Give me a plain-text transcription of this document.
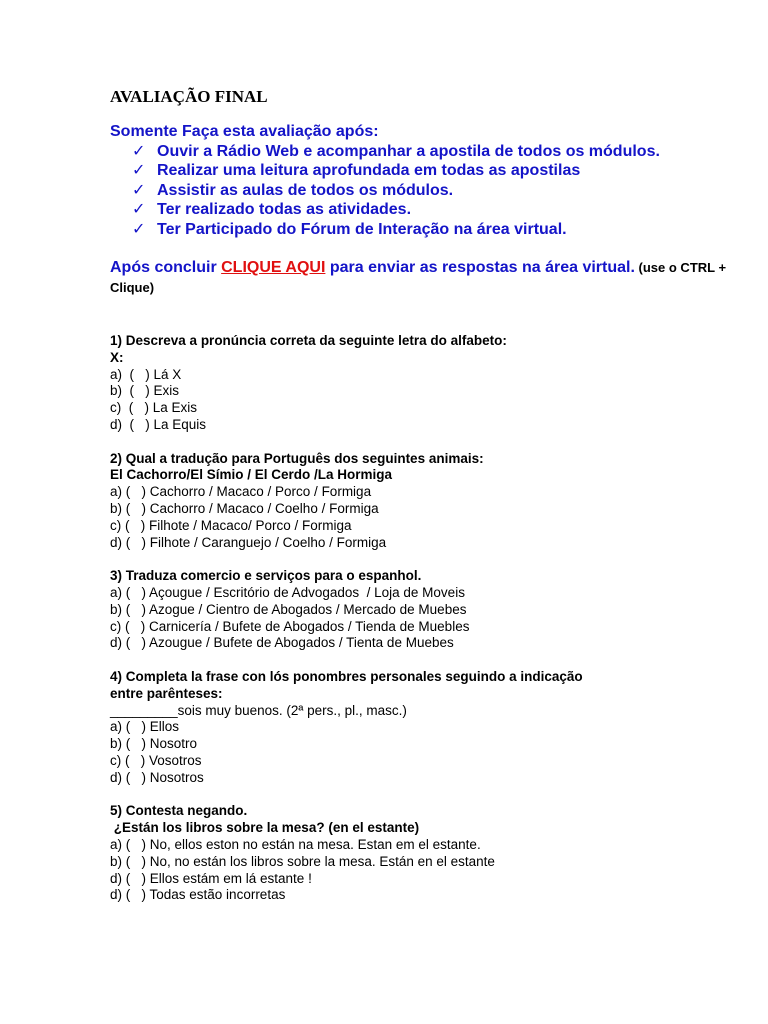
AVALIAÇÃO FINAL
Somente Faça esta avaliação após:
✓ Ouvir a Rádio Web e acompanhar a apostila de todos os módulos.
✓ Realizar uma leitura aprofundada em todas as apostilas
✓ Assistir as aulas de todos os módulos.
✓ Ter realizado todas as atividades.
✓ Ter Participado do Fórum de Interação na área virtual.
Após concluir CLIQUE AQUI para enviar as respostas na área virtual. (use o CTRL + Clique)
1) Descreva a pronúncia correta da seguinte letra do alfabeto:
X:
a)  (   ) Lá X
b)  (   ) Exis
c)  (   ) La Exis
d)  (   ) La Equis
2) Qual a tradução para Português dos seguintes animais:
El Cachorro/El Símio / El Cerdo /La Hormiga
a) (   ) Cachorro / Macaco / Porco / Formiga
b) (   ) Cachorro / Macaco / Coelho / Formiga
c) (   ) Filhote / Macaco/ Porco / Formiga
d) (   ) Filhote / Caranguejo / Coelho / Formiga
3) Traduza comercio e serviços para o espanhol.
a) (   ) Açougue / Escritório de Advogados  / Loja de Moveis
b) (   ) Azogue / Cientro de Abogados / Mercado de Muebes
c) (   ) Carnicería / Bufete de Abogados / Tienda de Muebles
d) (   ) Azougue / Bufete de Abogados / Tienta de Muebes
4) Completa la frase con lós ponombres personales seguindo a indicação
entre parênteses:
_________sois muy buenos. (2ª pers., pl., masc.)
a) (   ) Ellos
b) (   ) Nosotro
c) (   ) Vosotros
d) (   ) Nosotros
5) Contesta negando.
¿Están los libros sobre la mesa? (en el estante)
a) (   ) No, ellos eston no están na mesa. Estan em el estante.
b) (   ) No, no están los libros sobre la mesa. Están en el estante
d) (   ) Ellos estám em lá estante !
d) (   ) Todas estão incorretas
